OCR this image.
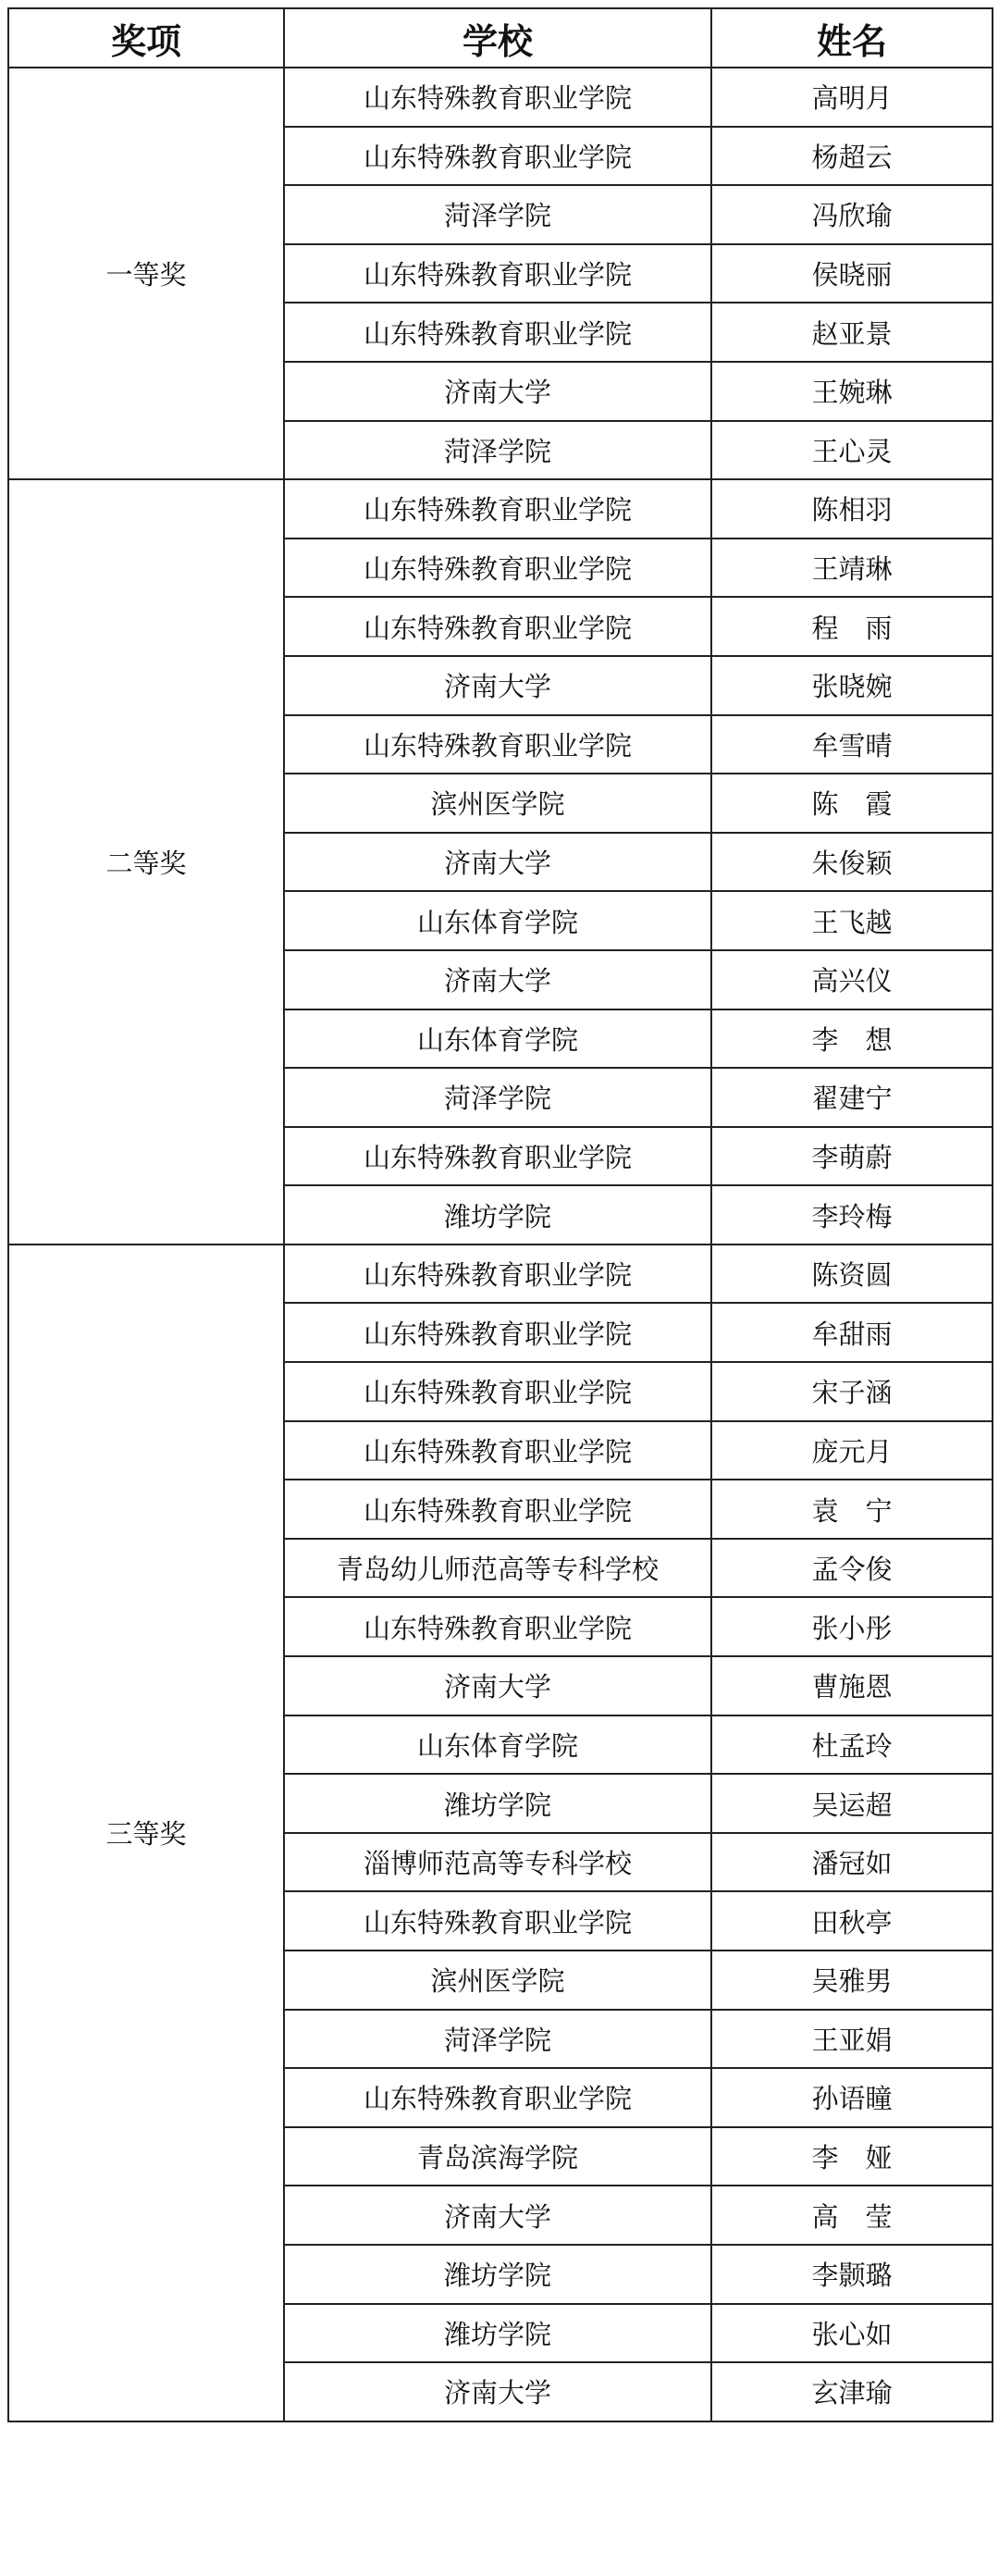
奖项	学校	姓名
一等奖	山东特殊教育职业学院	高明月
	山东特殊教育职业学院	杨超云
	菏泽学院	冯欣瑜
	山东特殊教育职业学院	侯晓丽
	山东特殊教育职业学院	赵亚景
	济南大学	王婉琳
	菏泽学院	王心灵
二等奖	山东特殊教育职业学院	陈相羽
	山东特殊教育职业学院	王靖琳
	山东特殊教育职业学院	程　雨
	济南大学	张晓婉
	山东特殊教育职业学院	牟雪晴
	滨州医学院	陈　霞
	济南大学	朱俊颖
	山东体育学院	王飞越
	济南大学	高兴仪
	山东体育学院	李　想
	菏泽学院	翟建宁
	山东特殊教育职业学院	李萌蔚
	潍坊学院	李玲梅
三等奖	山东特殊教育职业学院	陈资圆
	山东特殊教育职业学院	牟甜雨
	山东特殊教育职业学院	宋子涵
	山东特殊教育职业学院	庞元月
	山东特殊教育职业学院	袁　宁
	青岛幼儿师范高等专科学校	孟令俊
	山东特殊教育职业学院	张小彤
	济南大学	曹施恩
	山东体育学院	杜孟玲
	潍坊学院	吴运超
	淄博师范高等专科学校	潘冠如
	山东特殊教育职业学院	田秋亭
	滨州医学院	吴雅男
	菏泽学院	王亚娟
	山东特殊教育职业学院	孙语瞳
	青岛滨海学院	李　娅
	济南大学	高　莹
	潍坊学院	李颢璐
	潍坊学院	张心如
	济南大学	玄津瑜
